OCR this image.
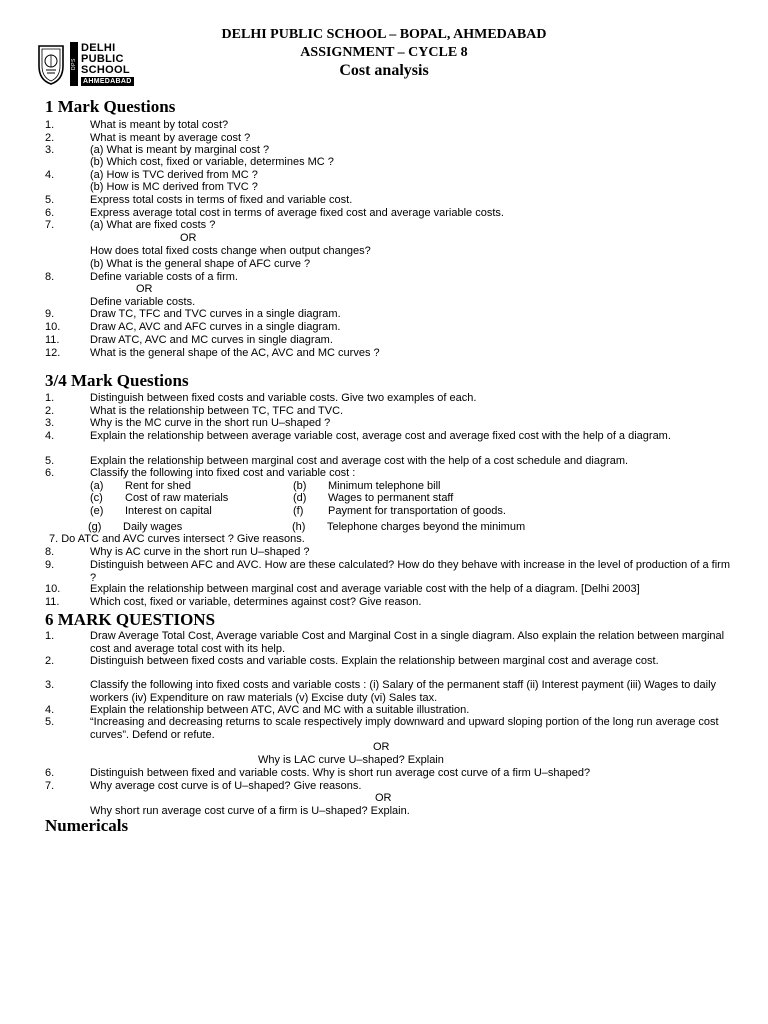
DPS
DELHI
PUBLIC
SCHOOL
AHMEDABAD
DELHI PUBLIC SCHOOL – BOPAL, AHMEDABAD
ASSIGNMENT – CYCLE 8
Cost analysis
1 Mark Questions
1.	What is meant by total cost?
2.	What is meant by average cost ?
3.	(a) What is meant by marginal cost ?
(b) Which cost, fixed or variable, determines MC ?
4.	(a) How is TVC derived from MC ?
(b) How is MC derived from TVC ?
5.	Express total costs in terms of fixed and variable cost.
6.	Express average total cost in terms of average fixed cost and average variable costs.
7.	(a) What are fixed costs ?
OR
How does total fixed costs change when output changes?
(b) What is the general shape of AFC curve ?
8.	Define variable costs of a firm.
OR
Define variable costs.
9.	Draw TC, TFC and TVC curves in a single diagram.
10.	Draw AC, AVC and AFC curves in a single diagram.
11.	Draw ATC, AVC and MC curves in single diagram.
12.	What is the general shape of the AC, AVC and MC curves ?
3/4 Mark Questions
1.	Distinguish between fixed costs and variable costs. Give two examples of each.
2.	What is the relationship between TC, TFC and TVC.
3.	Why is the MC curve in the short run U–shaped ?
4.	Explain the relationship between average variable cost, average cost and average fixed cost with the help of a diagram.
5.	Explain the relationship between marginal cost and average cost with the help of a cost schedule and diagram.
6.	Classify the following into fixed cost and variable cost :
(a) Rent for shed	(b) Minimum telephone bill
(c) Cost of raw materials	(d) Wages to permanent staff
(e) Interest on capital	(f) Payment for transportation of goods.
(g) Daily wages	(h) Telephone charges beyond the minimum
7. Do ATC and AVC curves intersect ? Give reasons.
8.	Why is AC curve in the short run U–shaped ?
9.	Distinguish between AFC and AVC. How are these calculated? How do they behave with increase in the level of production of a firm ?
10.	Explain the relationship between marginal cost and average variable cost with the help of a diagram. [Delhi 2003]
11.	Which cost, fixed or variable, determines against cost? Give reason.
6 MARK QUESTIONS
1.	Draw Average Total Cost, Average variable Cost and Marginal Cost in a single diagram. Also explain the relation between marginal cost and average total cost with its help.
2.	Distinguish between fixed costs and variable costs. Explain the relationship between marginal cost and average cost.
3.	Classify the following into fixed costs and variable costs : (i) Salary of the permanent staff (ii) Interest payment (iii) Wages to daily workers (iv) Expenditure on raw materials (v) Excise duty (vi) Sales tax.
4.	Explain the relationship between ATC, AVC and MC with a suitable illustration.
5.	“Increasing and decreasing returns to scale respectively imply downward and upward sloping portion of the long run average cost curves”. Defend or refute.
OR
Why is LAC curve U–shaped? Explain
6.	Distinguish between fixed and variable costs. Why is short run average cost curve of a firm U–shaped?
7.	Why average cost curve is of U–shaped? Give reasons.
OR
Why short run average cost curve of a firm is U–shaped? Explain.
Numericals
